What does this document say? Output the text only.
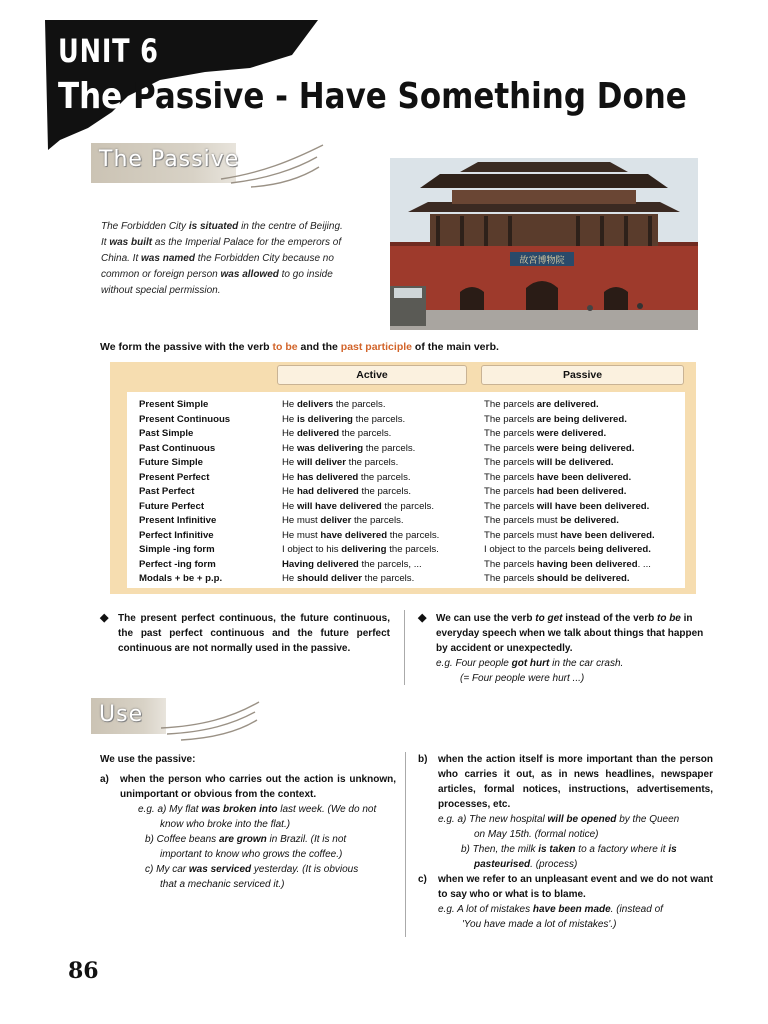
UNIT 6
The Passive - Have Something Done
The Passive
The Forbidden City is situated in the centre of Beijing. It was built as the Imperial Palace for the emperors of China. It was named the Forbidden City because no common or foreign person was allowed to go inside without special permission.
故宮博物院
We form the passive with the verb to be and the past participle of the main verb.
Active	Passive
Present Simple
Present Continuous
Past Simple
Past Continuous
Future Simple
Present Perfect
Past Perfect
Future Perfect
Present Infinitive
Perfect Infinitive
Simple -ing form
Perfect -ing form
Modals + be + p.p.
He delivers the parcels.
He is delivering the parcels.
He delivered the parcels.
He was delivering the parcels.
He will deliver the parcels.
He has delivered the parcels.
He had delivered the parcels.
He will have delivered the parcels.
He must deliver the parcels.
He must have delivered the parcels.
I object to his delivering the parcels.
Having delivered the parcels, ...
He should deliver the parcels.
The parcels are delivered.
The parcels are being delivered.
The parcels were delivered.
The parcels were being delivered.
The parcels will be delivered.
The parcels have been delivered.
The parcels had been delivered.
The parcels will have been delivered.
The parcels must be delivered.
The parcels must have been delivered.
I object to the parcels being delivered.
The parcels having been delivered. ...
The parcels should be delivered.
◆ The present perfect continuous, the future continuous, the past perfect continuous and the future perfect continuous are not normally used in the passive.
◆ We can use the verb to get instead of the verb to be in everyday speech when we talk about things that happen by accident or unexpectedly.
e.g. Four people got hurt in the car crash.
(= Four people were hurt ...)
Use
We use the passive:
a) when the person who carries out the action is unknown, unimportant or obvious from the context.
e.g. a) My flat was broken into last week. (We do not
know who broke into the flat.)
b) Coffee beans are grown in Brazil. (It is not
important to know who grows the coffee.)
c) My car was serviced yesterday. (It is obvious
that a mechanic serviced it.)
b) when the action itself is more important than the person who carries it out, as in news headlines, newspaper articles, formal notices, instructions, advertisements, processes, etc.
e.g. a) The new hospital will be opened by the Queen
on May 15th. (formal notice)
b) Then, the milk is taken to a factory where it is
pasteurised. (process)
c) when we refer to an unpleasant event and we do not want to say who or what is to blame.
e.g. A lot of mistakes have been made. (instead of
'You have made a lot of mistakes'.)
86
